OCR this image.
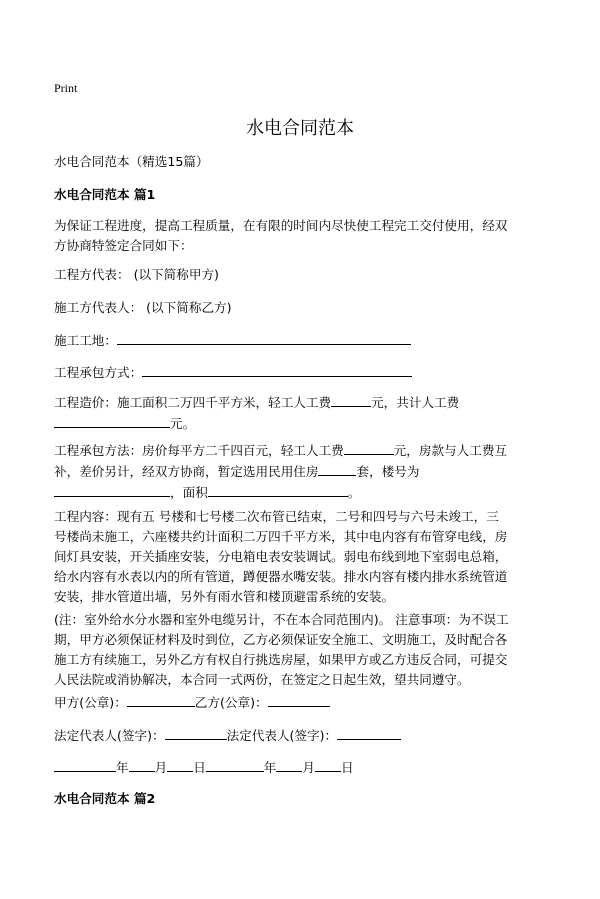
Print
水电合同范本

水电合同范本（精选15篇）

水电合同范本 篇1

为保证工程进度，提高工程质量，在有限的时间内尽快使工程完工交付使用，经双
方协商特签定合同如下：

工程方代表： (以下简称甲方)

施工方代表人： (以下简称乙方)

施工工地：

工程承包方式：

工程造价：施工面积二万四千平方米，轻工人工费	元，共计人工费
元。
工程承包方法：房价每平方二千四百元，轻工人工费	元，房款与人工费互
补，差价另计，经双方协商，暂定选用民用住房	套，楼号为
，面积	。
工程内容：现有五 号楼和七号楼二次布管已结束，二号和四号与六号未竣工，三
号楼尚未施工，六座楼共约计面积二万四千平方米，其中电内容有布管穿电线，房
间灯具安装，开关插座安装，分电箱电表安装调试。弱电布线到地下室弱电总箱，
给水内容有水表以内的所有管道，蹲便器水嘴安装。排水内容有楼内排水系统管道
安装，排水管道出墙，另外有雨水管和楼顶避雷系统的安装。
(注：室外给水分水器和室外电缆另计，不在本合同范围内)。 注意事项：为不误工
期，甲方必须保证材料及时到位，乙方必须保证安全施工、文明施工，及时配合各
施工方有续施工，另外乙方有权自行挑选房屋，如果甲方或乙方违反合同，可提交
人民法院或消协解决，本合同一式两份，在签定之日起生效，望共同遵守。

甲方(公章)：	乙方(公章)：

法定代表人(签字)：	法定代表人(签字)：

年 月 日	年 月 日

水电合同范本 篇2
